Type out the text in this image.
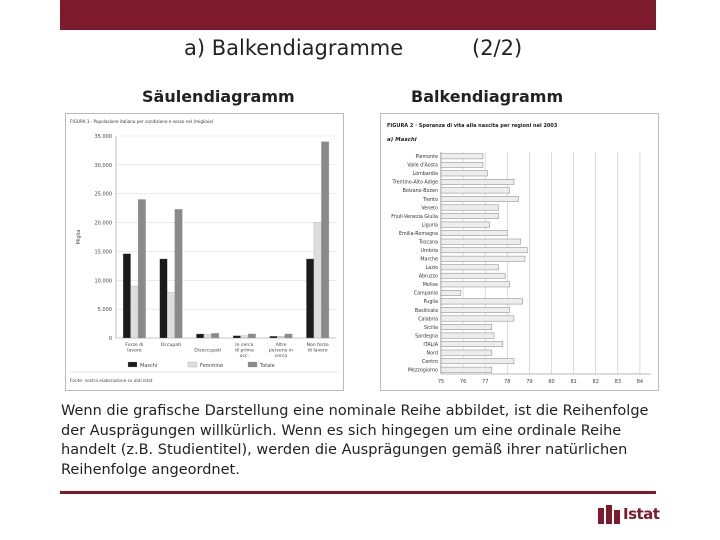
a) Balkendiagramme	(2/2)
Säulendiagramm	Balkendiagramm
FIGURA 1 · Popolazione italiana per condizione e sesso nel (migliaia)
0
5.000
10.000
15.000
20.000
25.000
30.000
35.000
Miglia
Forze di
lavoro
Occupati
Disoccupati
In cerca
di prima
occ.
Altre
persone in
cerca
Non forze
di lavoro
Maschi	Femmine	Totale
Fonte: nostra elaborazione su dati Istat
FIGURA 2 · Speranza di vita alla nascita per regioni nel 2003
a) Maschi
75	76	77	78	79	80	81	82	83	84
Piemonte
Valle d'Aosta
Lombardia
Trentino-Alto Adige
Bolzano-Bozen
Trento
Veneto
Friuli-Venezia Giulia
Liguria
Emilia-Romagna
Toscana
Umbria
Marche
Lazio
Abruzzo
Molise
Campania
Puglia
Basilicata
Calabria
Sicilia
Sardegna
ITALIA
Nord
Centro
Mezzogiorno
Wenn die grafische Darstellung eine nominale Reihe abbildet, ist die Reihenfolge der Ausprägungen willkürlich. Wenn es sich hingegen um eine ordinale Reihe handelt (z.B. Studientitel), werden die Ausprägungen gemäß ihrer natürlichen Reihenfolge angeordnet.
Istat
